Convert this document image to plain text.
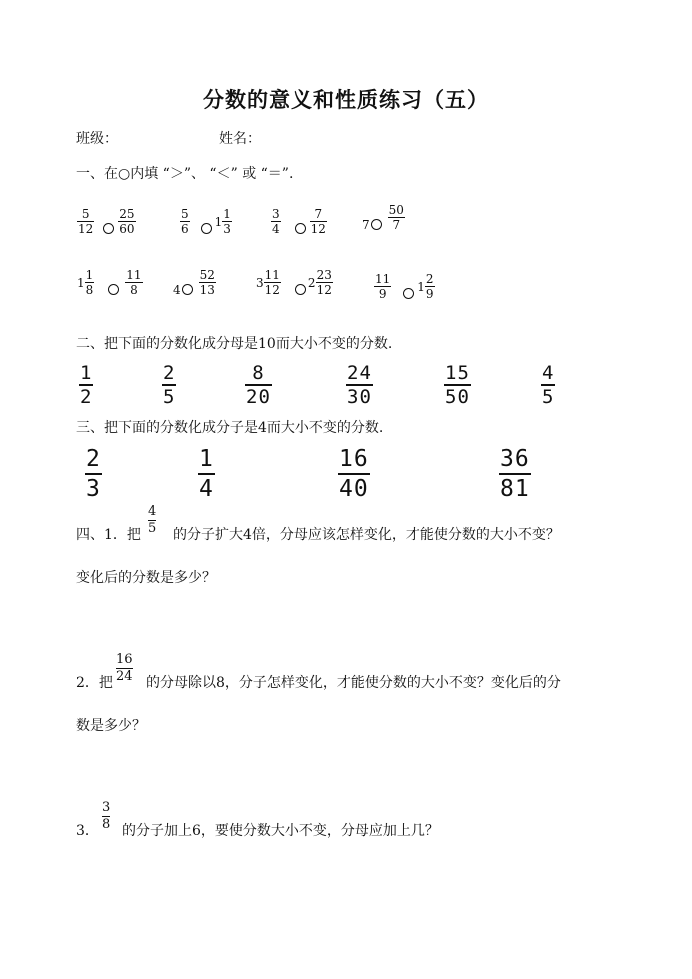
分数的意义和性质练习（五）
班级：	姓名：
一、在○内填 “＞”、 “＜” 或 “＝”.
$\frac{5}{12} \frac{25}{60}$	$\frac{5}{6} 1 \frac{1}{3}$	$\frac{3}{4} \frac{7}{12}$	$7 \frac{50}{7}$
$1 \frac{1}{8}$	$\frac{11}{8}$	$4 \frac{52}{13}$	$3 \frac{11}{12} 2 \frac{23}{12}$	$\frac{11}{9} 1 \frac{2}{9}$
二、把下面的分数化成分母是10而大小不变的分数.
$\frac{1}{2}$	$\frac{2}{5}$	$\frac{8}{20}$	$\frac{24}{30}$	$\frac{15}{50}$	$\frac{4}{5}$
三、把下面的分数化成分子是4而大小不变的分数.
$\frac{2}{3}$	$\frac{1}{4}$	$\frac{16}{40}$	$\frac{36}{81}$
四、1．把 $\frac{4}{5}$ 的分子扩大4倍，分母应该怎样变化，才能使分数的大小不变？
变化后的分数是多少？
2．把 $\frac{16}{24}$ 的分母除以8，分子怎样变化，才能使分数的大小不变？变化后的分
数是多少？
3． $\frac{3}{8}$ 的分子加上6，要使分数大小不变，分母应加上几？
